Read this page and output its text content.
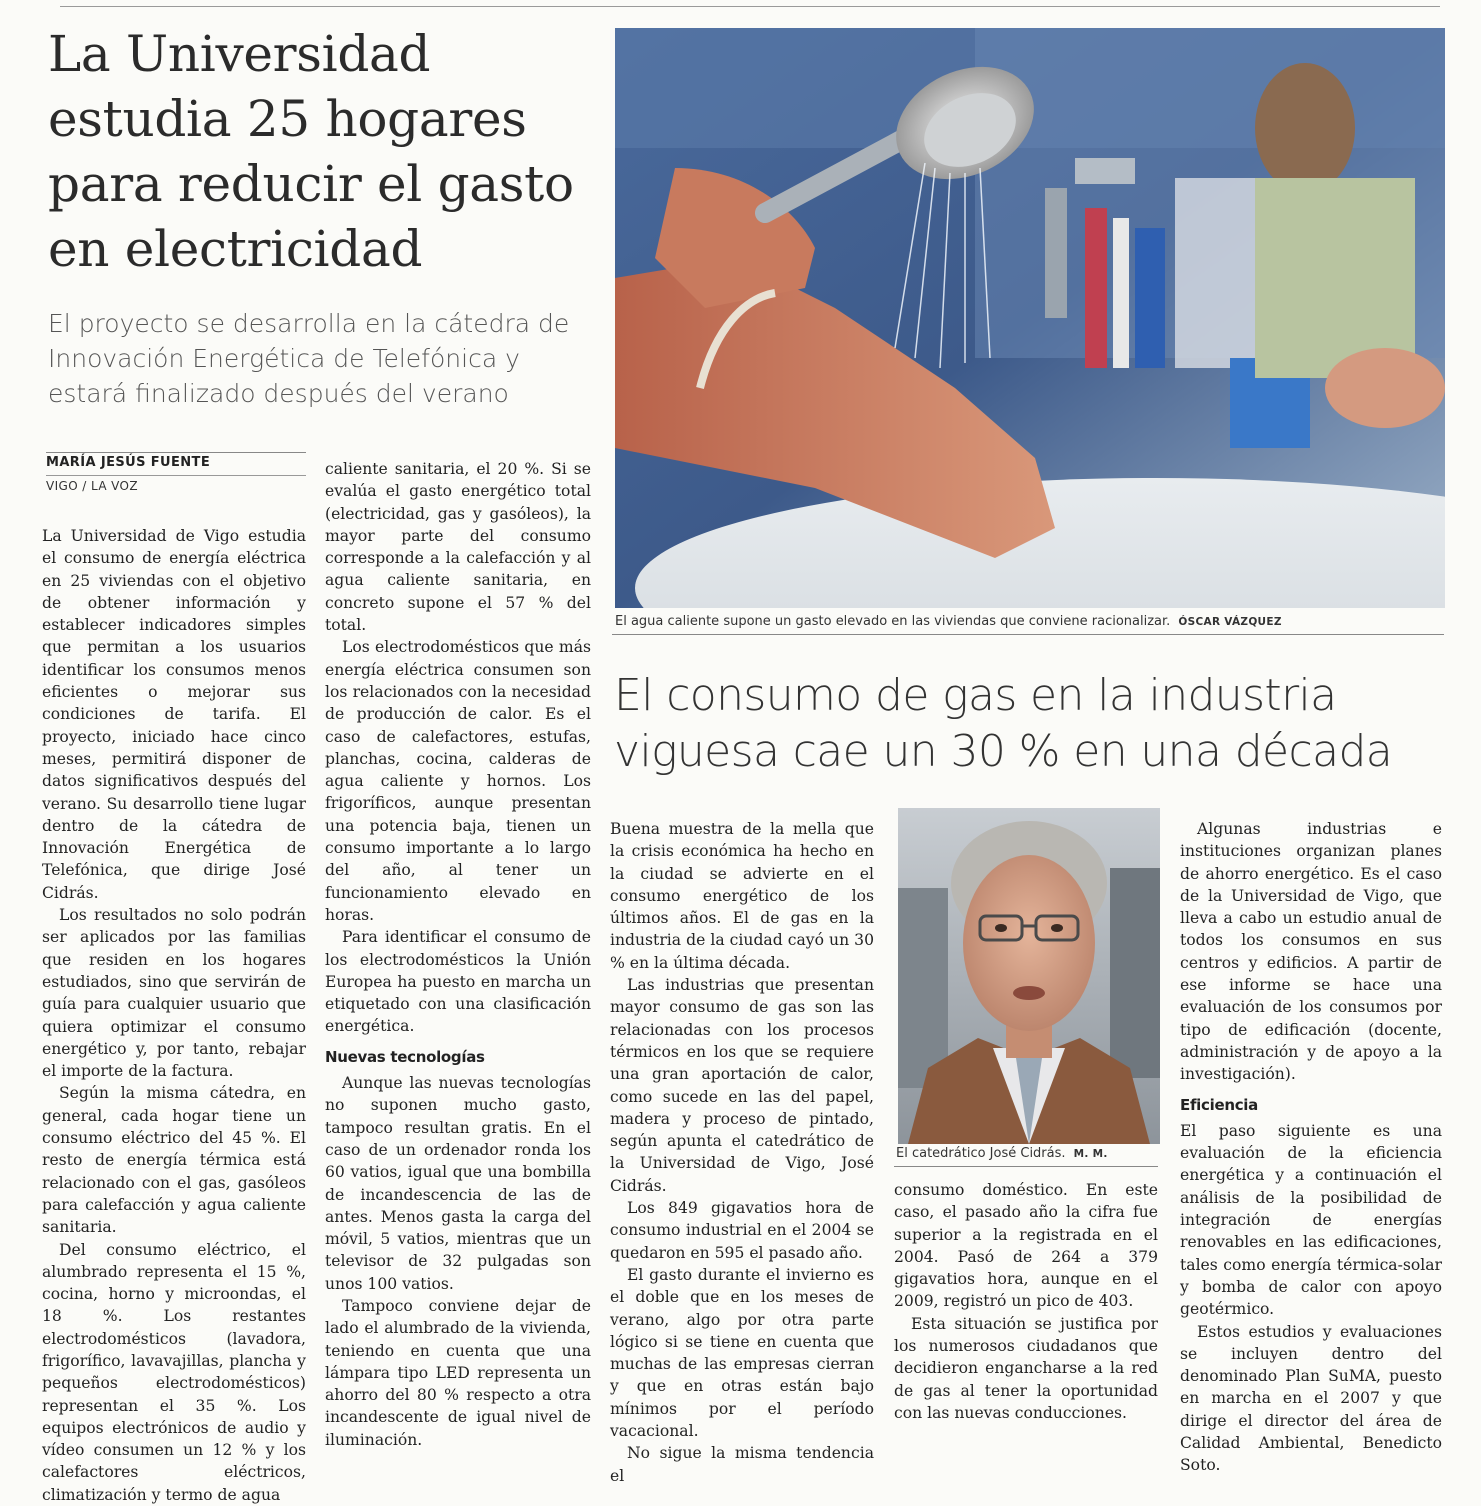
La Universidad
estudia 25 hogares
para reducir el gasto
en electricidad
El proyecto se desarrolla en la cátedra de
Innovación Energética de Telefónica y
estará finalizado después del verano
MARÍA JESÚS FUENTE
VIGO / LA VOZ

La Universidad de Vigo estudia el consumo de energía eléctrica en 25 viviendas con el objetivo de obtener información y establecer indicadores simples que permitan a los usuarios identificar los consumos menos eficientes o mejorar sus condiciones de tarifa. El proyecto, iniciado hace cinco meses, permitirá disponer de datos significativos después del verano. Su desarrollo tiene lugar dentro de la cátedra de Innovación Energética de Telefónica, que dirige José Cidrás.

Los resultados no solo podrán ser aplicados por las familias que residen en los hogares estudiados, sino que servirán de guía para cualquier usuario que quiera optimizar el consumo energético y, por tanto, rebajar el importe de la factura.

Según la misma cátedra, en general, cada hogar tiene un consumo eléctrico del 45 %. El resto de energía térmica está relacionado con el gas, gasóleos para calefacción y agua caliente sanitaria.

Del consumo eléctrico, el alumbrado representa el 15 %, cocina, horno y microondas, el 18 %. Los restantes electrodomésticos (lavadora, frigorífico, lavavajillas, plancha y pequeños electrodomésticos) representan el 35 %. Los equipos electrónicos de audio y vídeo consumen un 12 % y los calefactores eléctricos, climatización y termo de agua

caliente sanitaria, el 20 %. Si se evalúa el gasto energético total (electricidad, gas y gasóleos), la mayor parte del consumo corresponde a la calefacción y al agua caliente sanitaria, en concreto supone el 57 % del total.

Los electrodomésticos que más energía eléctrica consumen son los relacionados con la necesidad de producción de calor. Es el caso de calefactores, estufas, planchas, cocina, calderas de agua caliente y hornos. Los frigoríficos, aunque presentan una potencia baja, tienen un consumo importante a lo largo del año, al tener un funcionamiento elevado en horas.

Para identificar el consumo de los electrodomésticos la Unión Europea ha puesto en marcha un etiquetado con una clasificación energética.

Nuevas tecnologías

Aunque las nuevas tecnologías no suponen mucho gasto, tampoco resultan gratis. En el caso de un ordenador ronda los 60 vatios, igual que una bombilla de incandescencia de las de antes. Menos gasta la carga del móvil, 5 vatios, mientras que un televisor de 32 pulgadas son unos 100 vatios.

Tampoco conviene dejar de lado el alumbrado de la vivienda, teniendo en cuenta que una lámpara tipo LED representa un ahorro del 80 % respecto a otra incandescente de igual nivel de iluminación.

El agua caliente supone un gasto elevado en las viviendas que conviene racionalizar. ÓSCAR VÁZQUEZ
El consumo de gas en la industria
viguesa cae un 30 % en una década

Buena muestra de la mella que la crisis económica ha hecho en la ciudad se advierte en el consumo energético de los últimos años. El de gas en la industria de la ciudad cayó un 30 % en la última década.

Las industrias que presentan mayor consumo de gas son las relacionadas con los procesos térmicos en los que se requiere una gran aportación de calor, como sucede en las del papel, madera y proceso de pintado, según apunta el catedrático de la Universidad de Vigo, José Cidrás.

Los 849 gigavatios hora de consumo industrial en el 2004 se quedaron en 595 el pasado año.

El gasto durante el invierno es el doble que en los meses de verano, algo por otra parte lógico si se tiene en cuenta que muchas de las empresas cierran y que en otras están bajo mínimos por el período vacacional.

No sigue la misma tendencia el

El catedrático José Cidrás. M. M.

consumo doméstico. En este caso, el pasado año la cifra fue superior a la registrada en el 2004. Pasó de 264 a 379 gigavatios hora, aunque en el 2009, registró un pico de 403.

Esta situación se justifica por los numerosos ciudadanos que decidieron engancharse a la red de gas al tener la oportunidad con las nuevas conducciones.

Algunas industrias e instituciones organizan planes de ahorro energético. Es el caso de la Universidad de Vigo, que lleva a cabo un estudio anual de todos los consumos en sus centros y edificios. A partir de ese informe se hace una evaluación de los consumos por tipo de edificación (docente, administración y de apoyo a la investigación).

Eficiencia

El paso siguiente es una evaluación de la eficiencia energética y a continuación el análisis de la posibilidad de integración de energías renovables en las edificaciones, tales como energía térmica-solar y bomba de calor con apoyo geotérmico.

Estos estudios y evaluaciones se incluyen dentro del denominado Plan SuMA, puesto en marcha en el 2007 y que dirige el director del área de Calidad Ambiental, Benedicto Soto.
